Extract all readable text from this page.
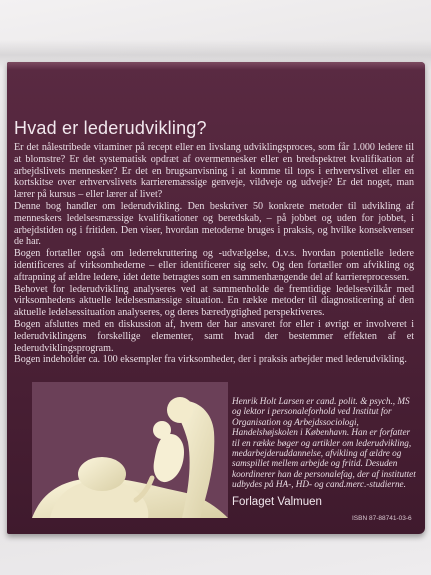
Hvad er lederudvikling?

Er det nålestribede vitaminer på recept eller en livslang udviklingsproces, som får 1.000 ledere til at blomstre? Er det systematisk opdræt af overmennesker eller en bredspektret kvalifikation af arbejdslivets mennesker? Er det en brugsanvisning i at komme til tops i erhvervslivet eller en kortskitse over erhvervslivets karrieremæssige genveje, vildveje og udveje? Er det noget, man lærer på kursus – eller lærer af livet?

Denne bog handler om lederudvikling. Den beskriver 50 konkrete metoder til udvikling af menneskers ledelsesmæssige kvalifikationer og beredskab, – på jobbet og uden for jobbet, i arbejdstiden og i fritiden. Den viser, hvordan metoderne bruges i praksis, og hvilke konsekvenser de har.

Bogen fortæller også om lederrekruttering og -udvælgelse, d.v.s. hvordan potentielle ledere identificeres af virksomhederne – eller identificerer sig selv. Og den fortæller om afvikling og aftrapning af ældre ledere, idet dette betragtes som en sammenhængende del af karriereprocessen.

Behovet for lederudvikling analyseres ved at sammenholde de fremtidige ledelsesvilkår med virksomhedens aktuelle ledelsesmæssige situation. En række metoder til diagnosticering af den aktuelle ledelsessituation analyseres, og deres bæredygtighed perspektiveres.

Bogen afsluttes med en diskussion af, hvem der har ansvaret for eller i øvrigt er involveret i lederudviklingens forskellige elementer, samt hvad der bestemmer effekten af et lederudviklingsprogram.

Bogen indeholder ca. 100 eksempler fra virksomheder, der i praksis arbejder med lederudvikling.

Henrik Holt Larsen er cand. polit. & psych., MS og lektor i personaleforhold ved Institut for Organisation og Arbejdssociologi, Handelshøjskolen i København. Han er forfatter til en række bøger og artikler om lederudvikling, medarbejderuddannelse, afvikling af ældre og samspillet mellem arbejde og fritid. Desuden koordinerer han de personalefag, der af instituttet udbydes på HA-, HD- og cand.merc.-studierne.
Forlaget Valmuen
ISBN 87-88741-03-6
